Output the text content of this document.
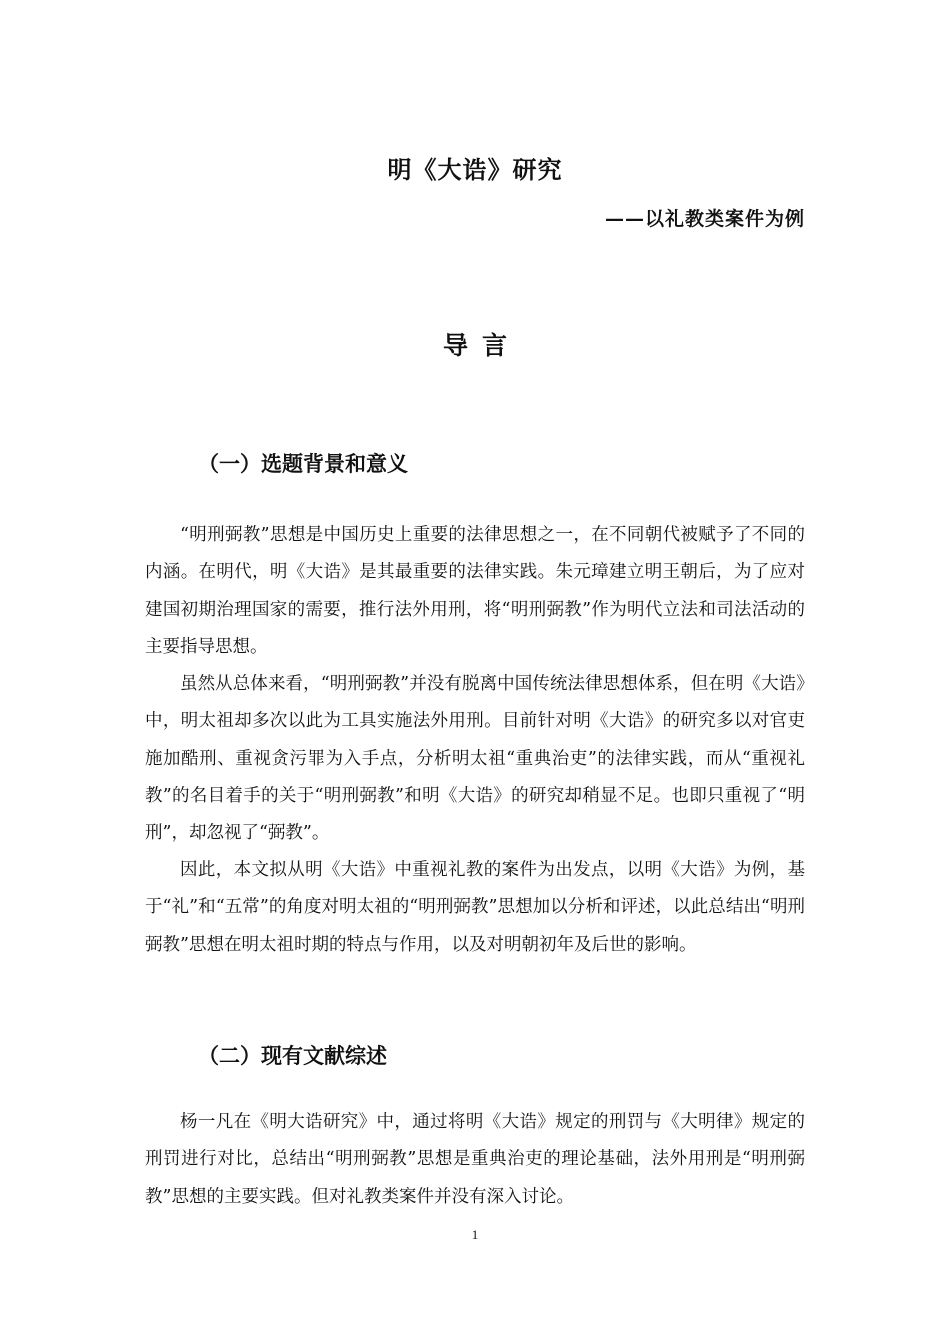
明《大诰》研究
——以礼教类案件为例
导言
（一）选题背景和意义

“明刑弼教”思想是中国历史上重要的法律思想之一，在不同朝代被赋予了不同的内涵。在明代，明《大诰》是其最重要的法律实践。朱元璋建立明王朝后，为了应对建国初期治理国家的需要，推行法外用刑，将“明刑弼教”作为明代立法和司法活动的主要指导思想。

虽然从总体来看，“明刑弼教”并没有脱离中国传统法律思想体系，但在明《大诰》中，明太祖却多次以此为工具实施法外用刑。目前针对明《大诰》的研究多以对官吏施加酷刑、重视贪污罪为入手点，分析明太祖“重典治吏”的法律实践，而从“重视礼教”的名目着手的关于“明刑弼教”和明《大诰》的研究却稍显不足。也即只重视了“明刑”，却忽视了“弼教”。

因此，本文拟从明《大诰》中重视礼教的案件为出发点，以明《大诰》为例，基于“礼”和“五常”的角度对明太祖的“明刑弼教”思想加以分析和评述，以此总结出“明刑弼教”思想在明太祖时期的特点与作用，以及对明朝初年及后世的影响。

（二）现有文献综述

杨一凡在《明大诰研究》中，通过将明《大诰》规定的刑罚与《大明律》规定的刑罚进行对比，总结出“明刑弼教”思想是重典治吏的理论基础，法外用刑是“明刑弼教”思想的主要实践。但对礼教类案件并没有深入讨论。

1
